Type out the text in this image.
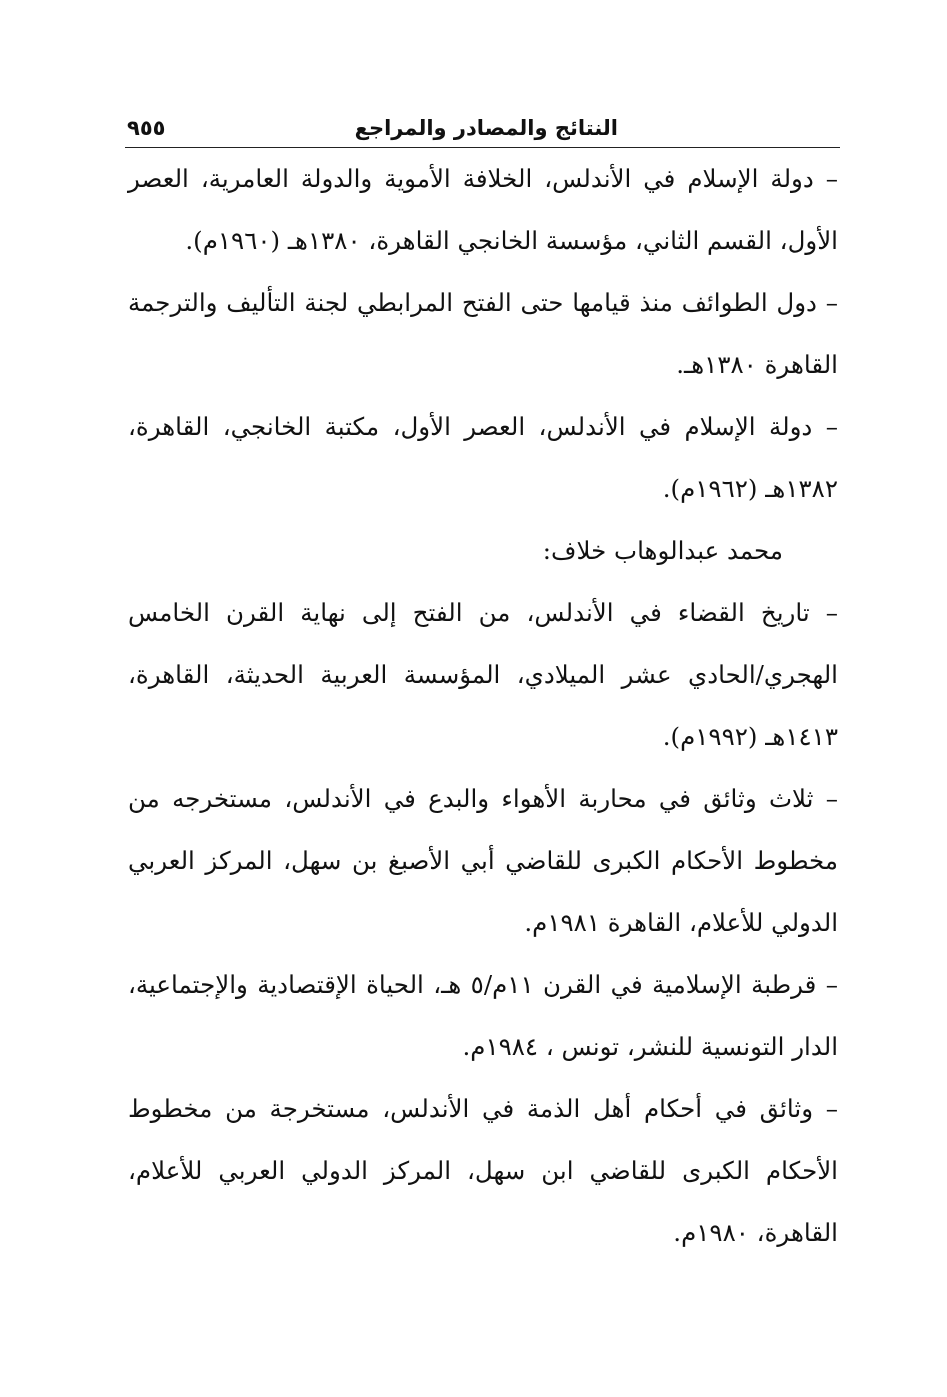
النتائج والمصادر والمراجع
٩٥٥

– دولة الإسلام في الأندلس، الخلافة الأموية والدولة العامرية، العصر الأول، القسم الثاني، مؤسسة الخانجي القاهرة، ١٣٨٠هـ (١٩٦٠م).

– دول الطوائف منذ قيامها حتى الفتح المرابطي لجنة التأليف والترجمة القاهرة ١٣٨٠هـ.

– دولة الإسلام في الأندلس، العصر الأول، مكتبة الخانجي، القاهرة، ١٣٨٢هـ (١٩٦٢م).

محمد عبدالوهاب خلاف:

– تاريخ القضاء في الأندلس، من الفتح إلى نهاية القرن الخامس الهجري/الحادي عشر الميلادي، المؤسسة العربية الحديثة، القاهرة، ١٤١٣هـ (١٩٩٢م).

– ثلاث وثائق في محاربة الأهواء والبدع في الأندلس، مستخرجه من مخطوط الأحكام الكبرى للقاضي أبي الأصبغ بن سهل، المركز العربي الدولي للأعلام، القاهرة ١٩٨١م.

– قرطبة الإسلامية في القرن ١١م/٥ هـ، الحياة الإقتصادية والإجتماعية، الدار التونسية للنشر، تونس ، ١٩٨٤م.

– وثائق في أحكام أهل الذمة في الأندلس، مستخرجة من مخطوط الأحكام الكبرى للقاضي ابن سهل، المركز الدولي العربي للأعلام، القاهرة، ١٩٨٠م.
